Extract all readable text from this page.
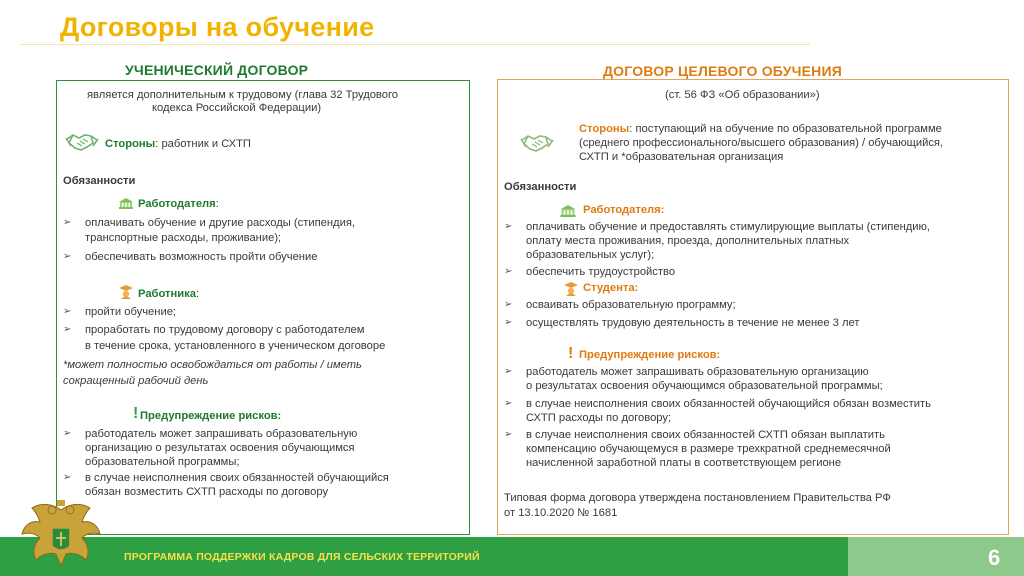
Договоры на обучение
УЧЕНИЧЕСКИЙ ДОГОВОР	ДОГОВОР ЦЕЛЕВОГО ОБУЧЕНИЯ
является дополнительным к трудовому (глава 32 Трудового
кодекса Российской Федерации)
Стороны: работник и СХТП
Обязанности
Работодателя:
➢ оплачивать обучение и другие расходы (стипендия,
транспортные расходы, проживание);
➢ обеспечивать возможность пройти обучение
Работника:
➢ пройти обучение;
➢ проработать по трудовому договору с работодателем
в течение срока, установленного в ученическом договоре
*может полностью освобождаться от работы / иметь
сокращенный рабочий день
! Предупреждение рисков:
➢ работодатель может запрашивать образовательную
организацию о результатах освоения обучающимся
образовательной программы;
➢ в случае неисполнения своих обязанностей обучающийся
обязан возместить СХТП расходы по договору
(ст. 56 ФЗ «Об образовании»)
Стороны: поступающий на обучение по образовательной программе
(среднего профессионального/высшего образования) / обучающийся,
СХТП и *образовательная организация
Обязанности
Работодателя:
➢ оплачивать обучение и предоставлять стимулирующие выплаты (стипендию,
оплату места проживания, проезда, дополнительных платных
образовательных услуг);
➢ обеспечить трудоустройство
Студента:
➢ осваивать образовательную программу;
➢ осуществлять трудовую деятельность в течение не менее 3 лет
! Предупреждение рисков:
➢ работодатель может запрашивать образовательную организацию
о результатах освоения обучающимся образовательной программы;
➢ в случае неисполнения своих обязанностей обучающийся обязан возместить
СХТП расходы по договору;
➢ в случае неисполнения своих обязанностей СХТП обязан выплатить
компенсацию обучающемуся в размере трехкратной среднемесячной
начисленной заработной платы в соответствующем регионе
Типовая форма договора утверждена постановлением Правительства РФ
от 13.10.2020 № 1681
ПРОГРАММА ПОДДЕРЖКИ КАДРОВ ДЛЯ СЕЛЬСКИХ ТЕРРИТОРИЙ	6
